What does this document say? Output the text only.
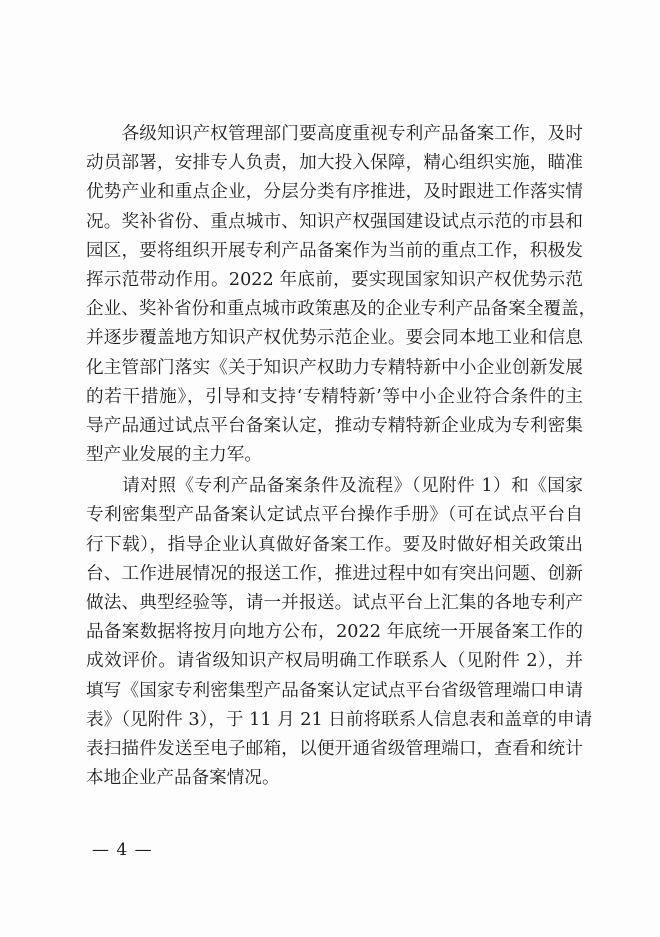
　　各级知识产权管理部门要高度重视专利产品备案工作，及时
动员部署，安排专人负责，加大投入保障，精心组织实施，瞄准
优势产业和重点企业，分层分类有序推进，及时跟进工作落实情
况。奖补省份、重点城市、知识产权强国建设试点示范的市县和
园区，要将组织开展专利产品备案作为当前的重点工作，积极发
挥示范带动作用。2022 年底前，要实现国家知识产权优势示范
企业、奖补省份和重点城市政策惠及的企业专利产品备案全覆盖，
并逐步覆盖地方知识产权优势示范企业。要会同本地工业和信息
化主管部门落实《关于知识产权助力专精特新中小企业创新发展
的若干措施》，引导和支持‘专精特新’等中小企业符合条件的主
导产品通过试点平台备案认定，推动专精特新企业成为专利密集
型产业发展的主力军。
　　请对照《专利产品备案条件及流程》（见附件 1）和《国家
专利密集型产品备案认定试点平台操作手册》（可在试点平台自
行下载），指导企业认真做好备案工作。要及时做好相关政策出
台、工作进展情况的报送工作，推进过程中如有突出问题、创新
做法、典型经验等，请一并报送。试点平台上汇集的各地专利产
品备案数据将按月向地方公布，2022 年底统一开展备案工作的
成效评价。请省级知识产权局明确工作联系人（见附件 2），并
填写《国家专利密集型产品备案认定试点平台省级管理端口申请
表》（见附件 3），于 11 月 21 日前将联系人信息表和盖章的申请
表扫描件发送至电子邮箱，以便开通省级管理端口，查看和统计
本地企业产品备案情况。
— 4 —
